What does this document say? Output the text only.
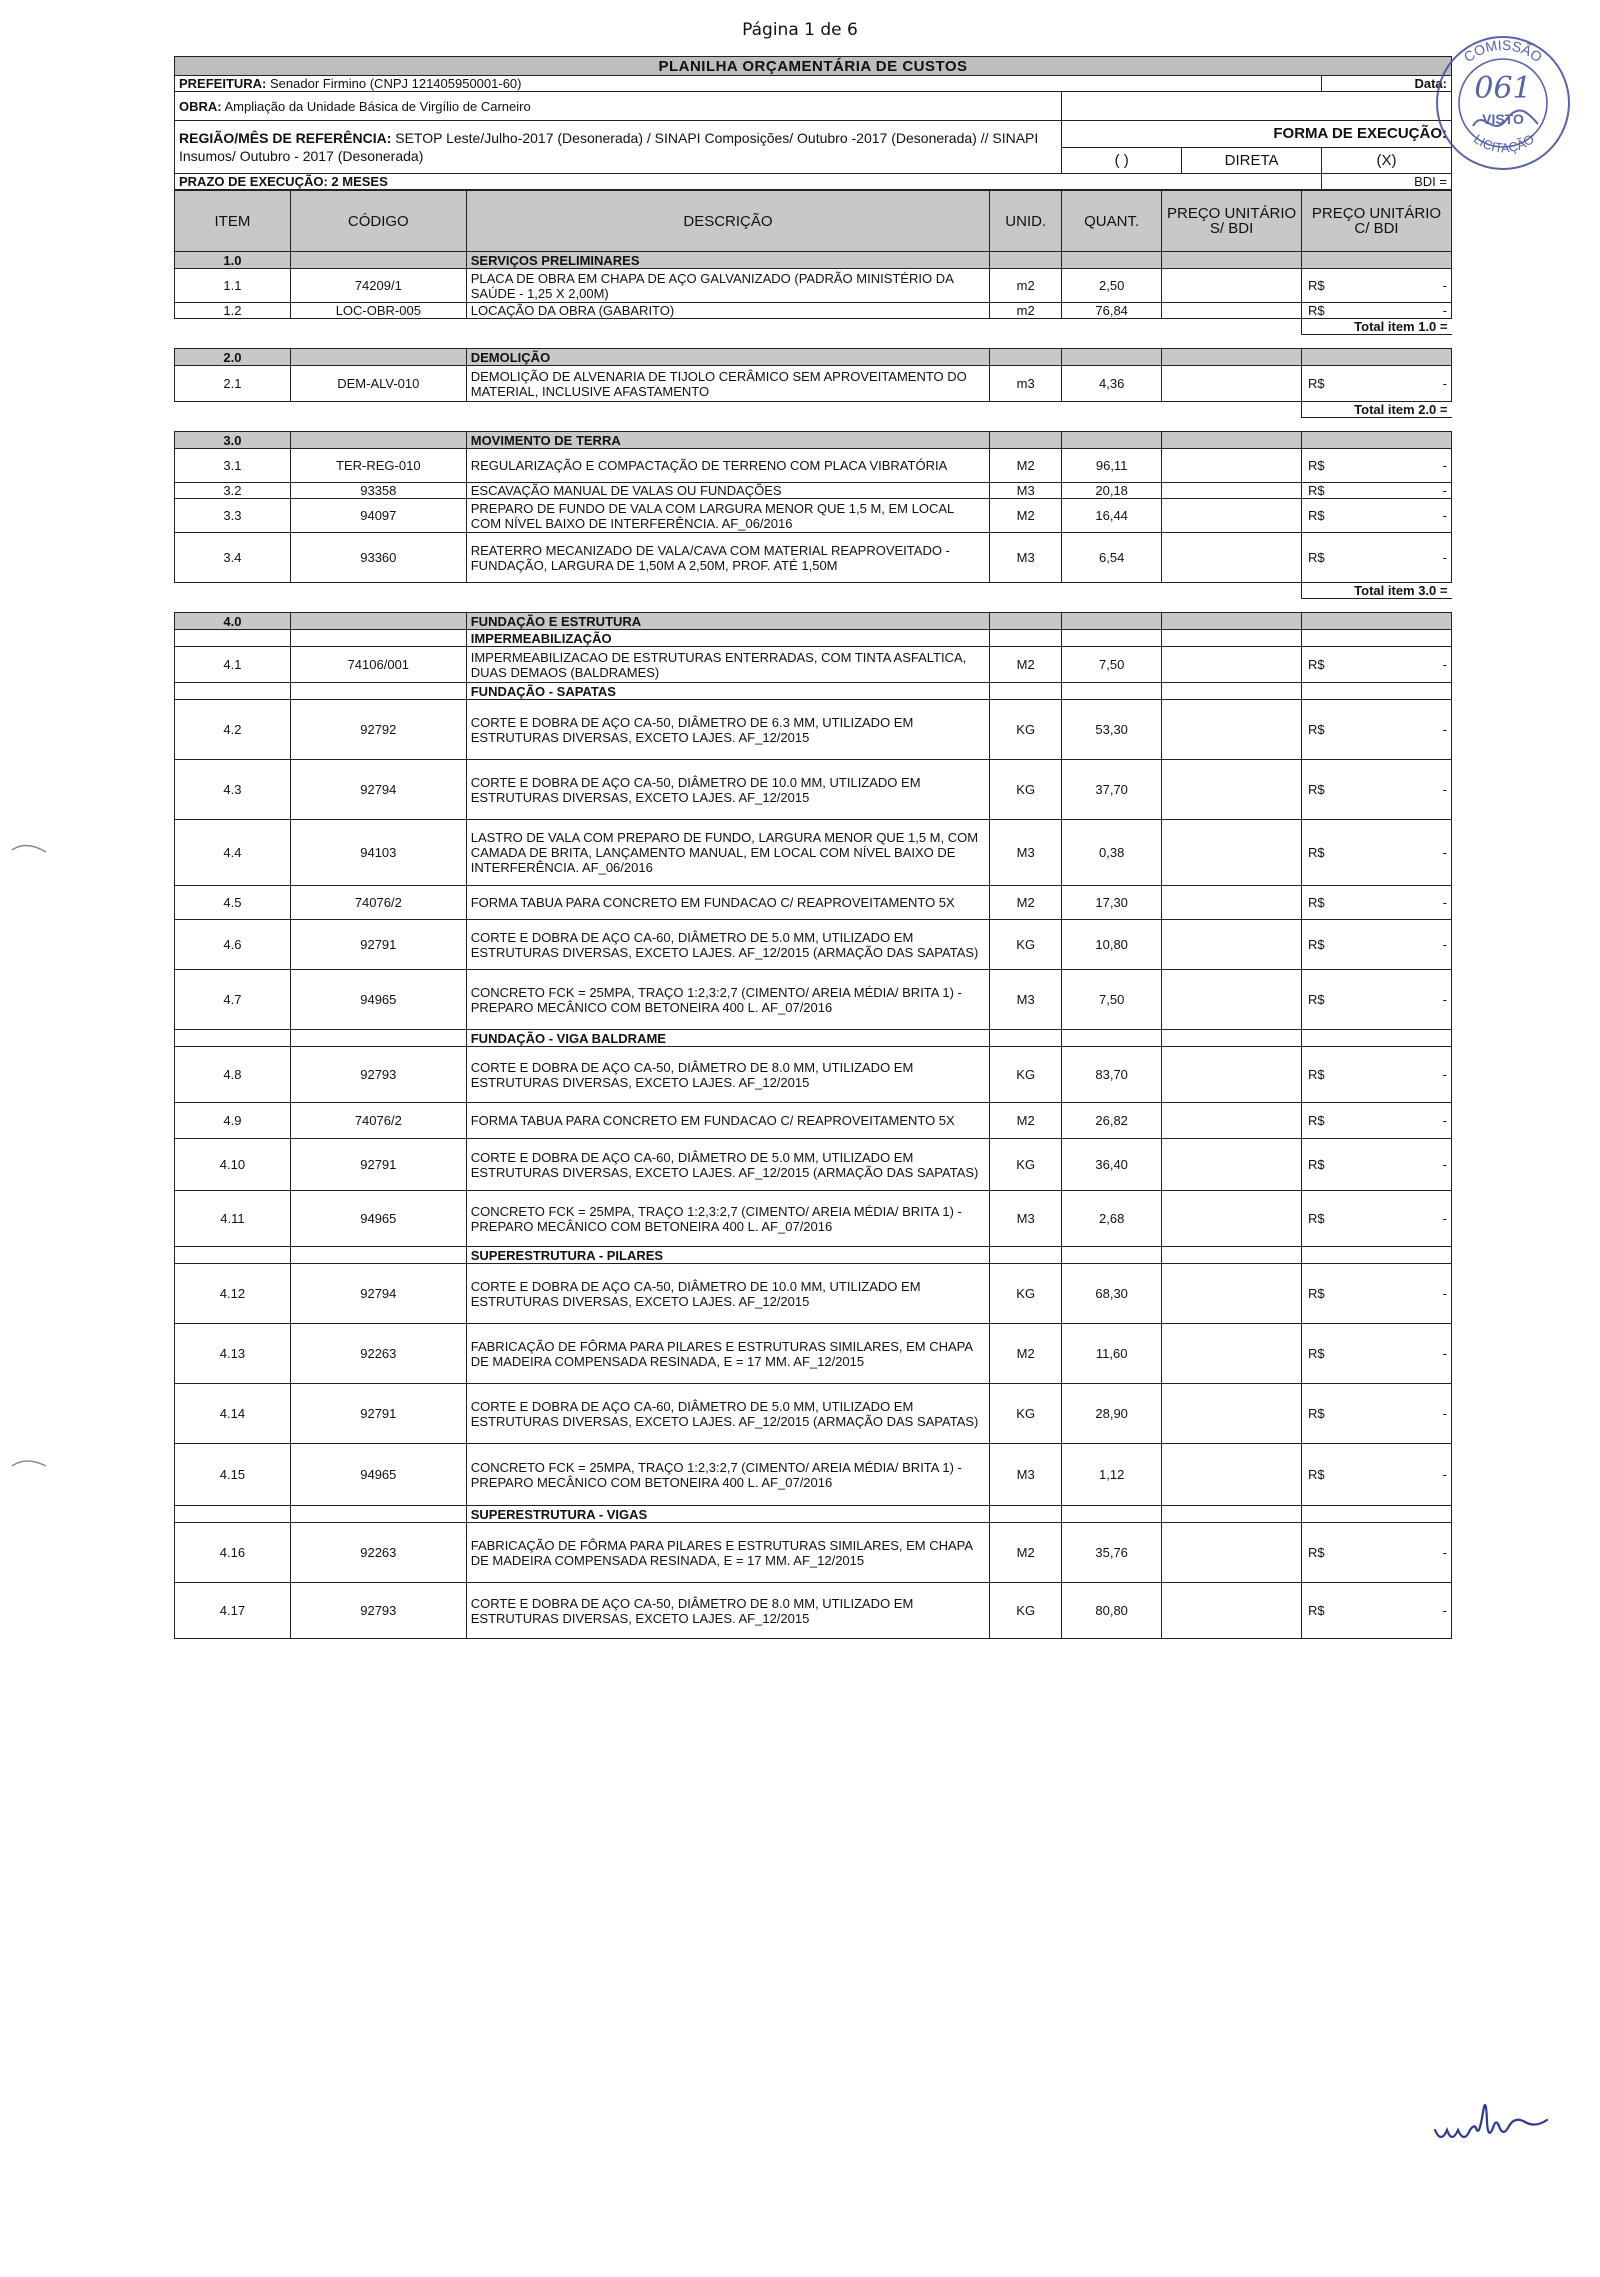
Página 1 de 6
PLANILHA ORÇAMENTÁRIA DE CUSTOS			
PREFEITURA: Senador Firmino (CNPJ 121405950001-60)			Data:
OBRA: Ampliação da Unidade Básica de Virgílio de Carneiro			
REGIÃO/MÊS DE REFERÊNCIA: SETOP Leste/Julho-2017 (Desonerada) / SINAPI Composições/ Outubro -2017 (Desonerada) // SINAPI Insumos/ Outubro - 2017 (Desonerada)	FORMA DE EXECUÇÃO:		
	( )	DIRETA	(X)
PRAZO DE EXECUÇÃO: 2 MESES			BDI =
ITEM	CÓDIGO	DESCRIÇÃO	UNID.	QUANT.	PREÇO UNITÁRIO S/ BDI	PREÇO UNITÁRIO C/ BDI
1.0		SERVIÇOS PRELIMINARES				
1.1	74209/1	PLACA DE OBRA EM CHAPA DE AÇO GALVANIZADO (PADRÃO MINISTÉRIO DA SAÚDE - 1,25 X 2,00M)	m2	2,50		R$ -

1.2	LOC-OBR-005	LOCAÇÃO DA OBRA (GABARITO)	m2	76,84		R$ -

						Total item 1.0 =

2.0		DEMOLIÇÃO				
2.1	DEM-ALV-010	DEMOLIÇÃO DE ALVENARIA DE TIJOLO CERÂMICO SEM APROVEITAMENTO DO MATERIAL, INCLUSIVE AFASTAMENTO	m3	4,36		R$ -

						Total item 2.0 =

3.0		MOVIMENTO DE TERRA				
3.1	TER-REG-010	REGULARIZAÇÃO E COMPACTAÇÃO DE TERRENO COM PLACA VIBRATÓRIA	M2	96,11		R$ -

3.2	93358	ESCAVAÇÃO MANUAL DE VALAS OU FUNDAÇÕES	M3	20,18		R$ -

3.3	94097	PREPARO DE FUNDO DE VALA COM LARGURA MENOR QUE 1,5 M, EM LOCAL COM NÍVEL BAIXO DE INTERFERÊNCIA. AF_06/2016	M2	16,44		R$ -

3.4	93360	REATERRO MECANIZADO DE VALA/CAVA COM MATERIAL REAPROVEITADO - FUNDAÇÃO, LARGURA DE 1,50M A 2,50M, PROF. ATÉ 1,50M	M3	6,54		R$ -

						Total item 3.0 =

4.0		FUNDAÇÃO E ESTRUTURA				
		IMPERMEABILIZAÇÃO				
4.1	74106/001	IMPERMEABILIZACAO DE ESTRUTURAS ENTERRADAS, COM TINTA ASFALTICA, DUAS DEMAOS (BALDRAMES)	M2	7,50		R$ -

		FUNDAÇÃO - SAPATAS				
4.2	92792	CORTE E DOBRA DE AÇO CA-50, DIÂMETRO DE 6.3 MM, UTILIZADO EM ESTRUTURAS DIVERSAS, EXCETO LAJES. AF_12/2015	KG	53,30		R$ -

4.3	92794	CORTE E DOBRA DE AÇO CA-50, DIÂMETRO DE 10.0 MM, UTILIZADO EM ESTRUTURAS DIVERSAS, EXCETO LAJES. AF_12/2015	KG	37,70		R$ -

4.4	94103	LASTRO DE VALA COM PREPARO DE FUNDO, LARGURA MENOR QUE 1,5 M, COM CAMADA DE BRITA, LANÇAMENTO MANUAL, EM LOCAL COM NÍVEL BAIXO DE INTERFERÊNCIA. AF_06/2016	M3	0,38		R$ -

4.5	74076/2	FORMA TABUA PARA CONCRETO EM FUNDACAO C/ REAPROVEITAMENTO 5X	M2	17,30		R$ -

4.6	92791	CORTE E DOBRA DE AÇO CA-60, DIÂMETRO DE 5.0 MM, UTILIZADO EM ESTRUTURAS DIVERSAS, EXCETO LAJES. AF_12/2015 (ARMAÇÃO DAS SAPATAS)	KG	10,80		R$ -

4.7	94965	CONCRETO FCK = 25MPA, TRAÇO 1:2,3:2,7 (CIMENTO/ AREIA MÉDIA/ BRITA 1) - PREPARO MECÂNICO COM BETONEIRA 400 L. AF_07/2016	M3	7,50		R$ -

		FUNDAÇÃO - VIGA BALDRAME				
4.8	92793	CORTE E DOBRA DE AÇO CA-50, DIÂMETRO DE 8.0 MM, UTILIZADO EM ESTRUTURAS DIVERSAS, EXCETO LAJES. AF_12/2015	KG	83,70		R$ -

4.9	74076/2	FORMA TABUA PARA CONCRETO EM FUNDACAO C/ REAPROVEITAMENTO 5X	M2	26,82		R$ -

4.10	92791	CORTE E DOBRA DE AÇO CA-60, DIÂMETRO DE 5.0 MM, UTILIZADO EM ESTRUTURAS DIVERSAS, EXCETO LAJES. AF_12/2015 (ARMAÇÃO DAS SAPATAS)	KG	36,40		R$ -

4.11	94965	CONCRETO FCK = 25MPA, TRAÇO 1:2,3:2,7 (CIMENTO/ AREIA MÉDIA/ BRITA 1) - PREPARO MECÂNICO COM BETONEIRA 400 L. AF_07/2016	M3	2,68		R$ -

		SUPERESTRUTURA - PILARES				
4.12	92794	CORTE E DOBRA DE AÇO CA-50, DIÂMETRO DE 10.0 MM, UTILIZADO EM ESTRUTURAS DIVERSAS, EXCETO LAJES. AF_12/2015	KG	68,30		R$ -

4.13	92263	FABRICAÇÃO DE FÔRMA PARA PILARES E ESTRUTURAS SIMILARES, EM CHAPA DE MADEIRA COMPENSADA RESINADA, E = 17 MM. AF_12/2015	M2	11,60		R$ -

4.14	92791	CORTE E DOBRA DE AÇO CA-60, DIÂMETRO DE 5.0 MM, UTILIZADO EM ESTRUTURAS DIVERSAS, EXCETO LAJES. AF_12/2015 (ARMAÇÃO DAS SAPATAS)	KG	28,90		R$ -

4.15	94965	CONCRETO FCK = 25MPA, TRAÇO 1:2,3:2,7 (CIMENTO/ AREIA MÉDIA/ BRITA 1) - PREPARO MECÂNICO COM BETONEIRA 400 L. AF_07/2016	M3	1,12		R$ -

		SUPERESTRUTURA - VIGAS				
4.16	92263	FABRICAÇÃO DE FÔRMA PARA PILARES E ESTRUTURAS SIMILARES, EM CHAPA DE MADEIRA COMPENSADA RESINADA, E = 17 MM. AF_12/2015	M2	35,76		R$ -

4.17	92793	CORTE E DOBRA DE AÇO CA-50, DIÂMETRO DE 8.0 MM, UTILIZADO EM ESTRUTURAS DIVERSAS, EXCETO LAJES. AF_12/2015	KG	80,80		R$ -
COMISSÃO
061
VISTO
LICITAÇÃO
